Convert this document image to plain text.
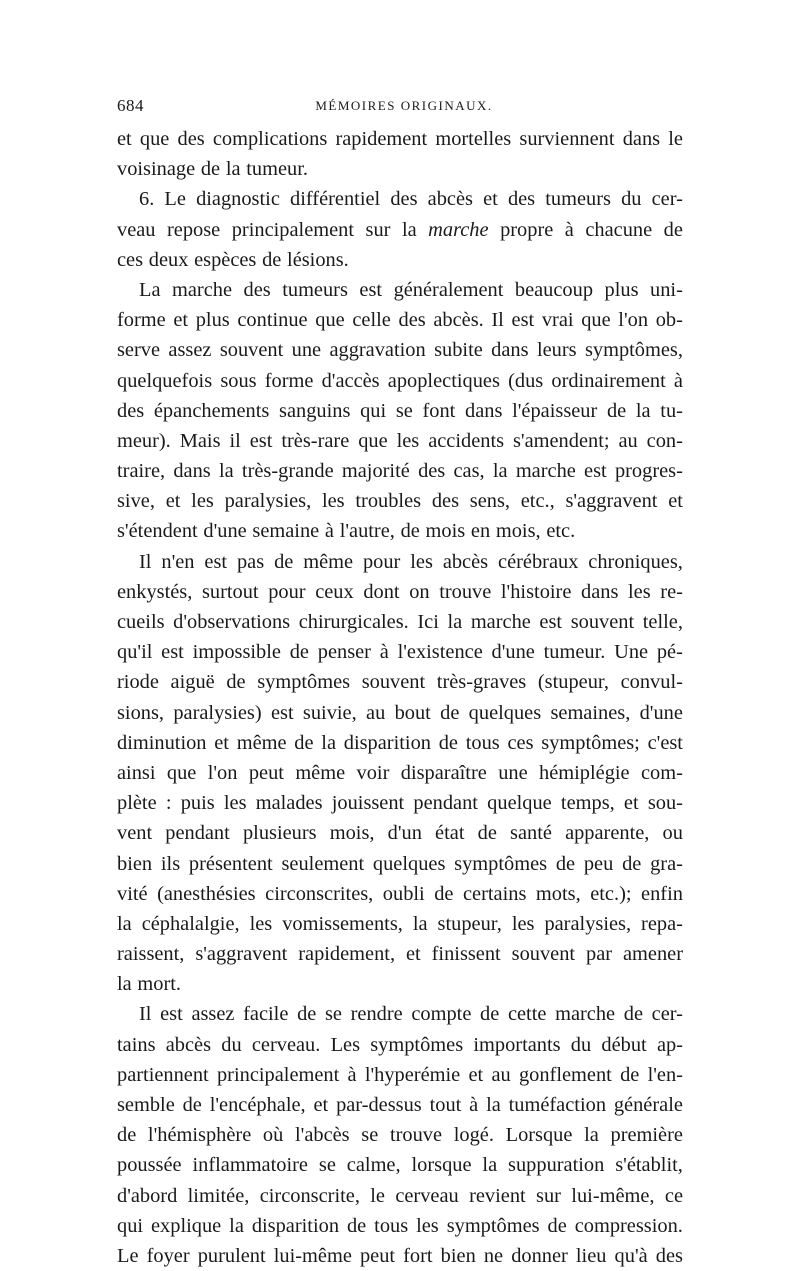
684	MÉMOIRES ORIGINAUX.
et que des complications rapidement mortelles surviennent dans le
voisinage de la tumeur.
6. Le diagnostic différentiel des abcès et des tumeurs du cer-
veau repose principalement sur la marche propre à chacune de
ces deux espèces de lésions.
La marche des tumeurs est généralement beaucoup plus uni-
forme et plus continue que celle des abcès. Il est vrai que l'on ob-
serve assez souvent une aggravation subite dans leurs symptômes,
quelquefois sous forme d'accès apoplectiques (dus ordinairement à
des épanchements sanguins qui se font dans l'épaisseur de la tu-
meur). Mais il est très-rare que les accidents s'amendent; au con-
traire, dans la très-grande majorité des cas, la marche est progres-
sive, et les paralysies, les troubles des sens, etc., s'aggravent et
s'étendent d'une semaine à l'autre, de mois en mois, etc.
Il n'en est pas de même pour les abcès cérébraux chroniques,
enkystés, surtout pour ceux dont on trouve l'histoire dans les re-
cueils d'observations chirurgicales. Ici la marche est souvent telle,
qu'il est impossible de penser à l'existence d'une tumeur. Une pé-
riode aiguë de symptômes souvent très-graves (stupeur, convul-
sions, paralysies) est suivie, au bout de quelques semaines, d'une
diminution et même de la disparition de tous ces symptômes; c'est
ainsi que l'on peut même voir disparaître une hémiplégie com-
plète : puis les malades jouissent pendant quelque temps, et sou-
vent pendant plusieurs mois, d'un état de santé apparente, ou
bien ils présentent seulement quelques symptômes de peu de gra-
vité (anesthésies circonscrites, oubli de certains mots, etc.); enfin
la céphalalgie, les vomissements, la stupeur, les paralysies, repa-
raissent, s'aggravent rapidement, et finissent souvent par amener
la mort.
Il est assez facile de se rendre compte de cette marche de cer-
tains abcès du cerveau. Les symptômes importants du début ap-
partiennent principalement à l'hyperémie et au gonflement de l'en-
semble de l'encéphale, et par-dessus tout à la tuméfaction générale
de l'hémisphère où l'abcès se trouve logé. Lorsque la première
poussée inflammatoire se calme, lorsque la suppuration s'établit,
d'abord limitée, circonscrite, le cerveau revient sur lui-même, ce
qui explique la disparition de tous les symptômes de compression.
Le foyer purulent lui-même peut fort bien ne donner lieu qu'à des
